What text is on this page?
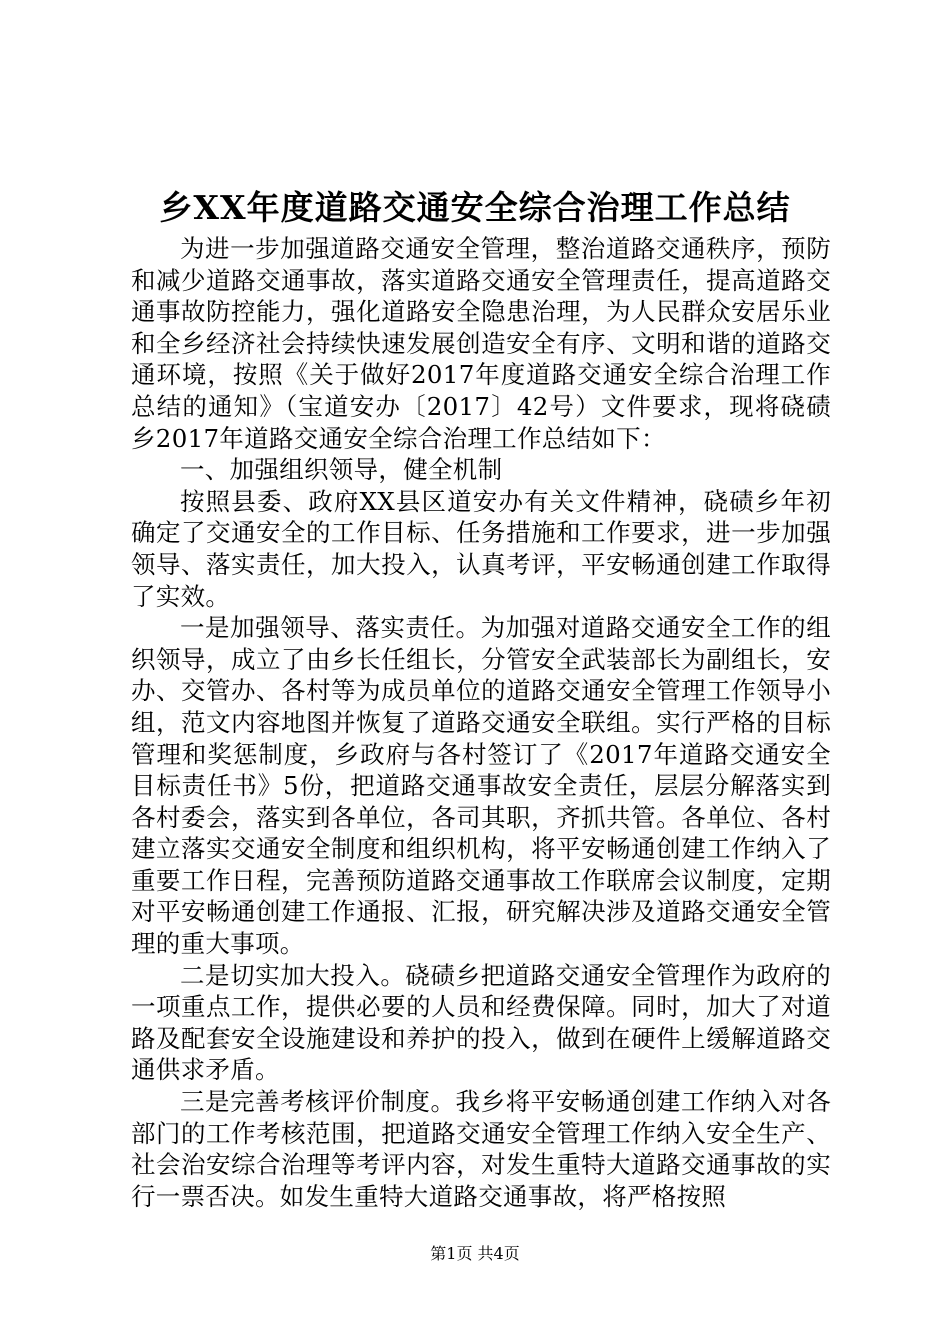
乡XX年度道路交通安全综合治理工作总结

为进一步加强道路交通安全管理，整治道路交通秩序，预防和减少道路交通事故，落实道路交通安全管理责任，提高道路交通事故防控能力，强化道路安全隐患治理，为人民群众安居乐业和全乡经济社会持续快速发展创造安全有序、文明和谐的道路交通环境，按照《关于做好2017年度道路交通安全综合治理工作总结的通知》（宝道安办〔2017〕42号）文件要求，现将硗碛乡2017年道路交通安全综合治理工作总结如下：

一、加强组织领导，健全机制

按照县委、政府XX县区道安办有关文件精神，硗碛乡年初确定了交通安全的工作目标、任务措施和工作要求，进一步加强领导、落实责任，加大投入，认真考评，平安畅通创建工作取得了实效。

一是加强领导、落实责任。为加强对道路交通安全工作的组织领导，成立了由乡长任组长，分管安全武装部长为副组长，安办、交管办、各村等为成员单位的道路交通安全管理工作领导小组，范文内容地图并恢复了道路交通安全联组。实行严格的目标管理和奖惩制度，乡政府与各村签订了《2017年道路交通安全目标责任书》5份，把道路交通事故安全责任，层层分解落实到各村委会，落实到各单位，各司其职，齐抓共管。各单位、各村建立落实交通安全制度和组织机构，将平安畅通创建工作纳入了重要工作日程，完善预防道路交通事故工作联席会议制度，定期对平安畅通创建工作通报、汇报，研究解决涉及道路交通安全管理的重大事项。

二是切实加大投入。硗碛乡把道路交通安全管理作为政府的一项重点工作，提供必要的人员和经费保障。同时，加大了对道路及配套安全设施建设和养护的投入，做到在硬件上缓解道路交通供求矛盾。

三是完善考核评价制度。我乡将平安畅通创建工作纳入对各部门的工作考核范围，把道路交通安全管理工作纳入安全生产、社会治安综合治理等考评内容，对发生重特大道路交通事故的实行一票否决。如发生重特大道路交通事故，将严格按照

第1页 共4页
